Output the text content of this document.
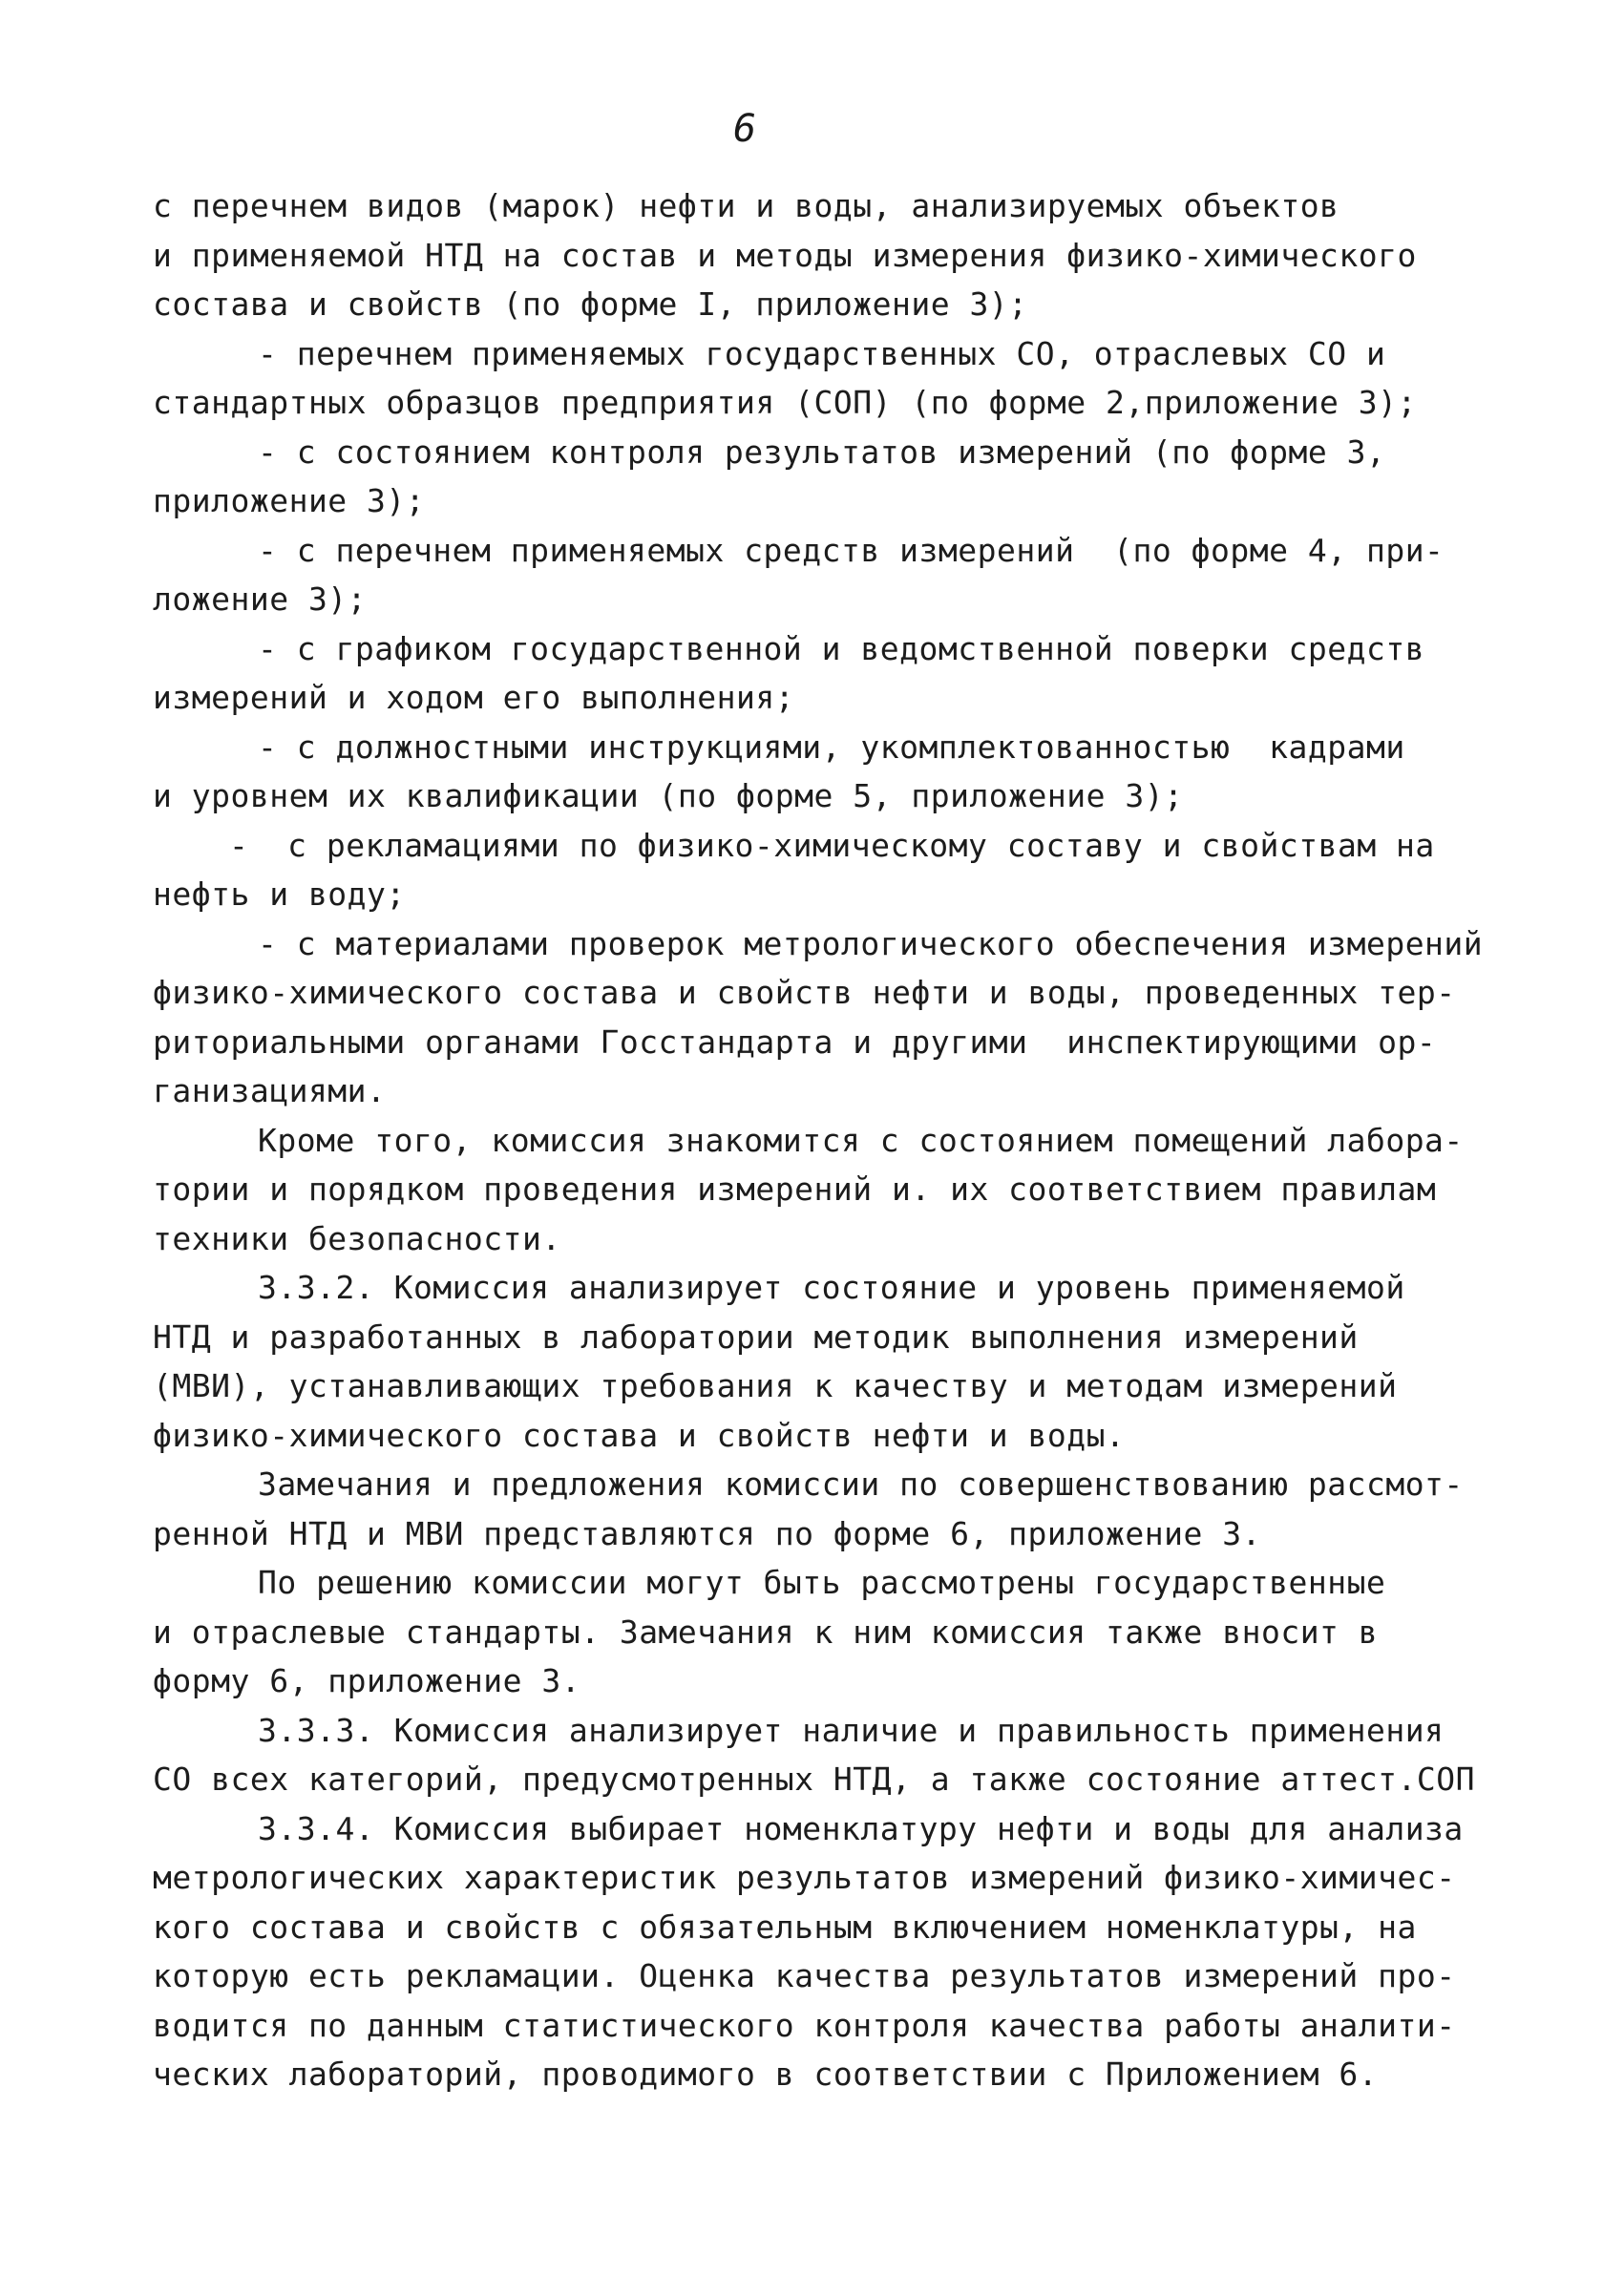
6
с перечнем видов (марок) нефти и воды, анализируемых объектов
и применяемой НТД на состав и методы измерения физико-химического
состава и свойств (по форме I, приложение 3);
- перечнем применяемых государственных СО, отраслевых СО и
стандартных образцов предприятия (СОП) (по форме 2,приложение 3);
- с состоянием контроля результатов измерений (по форме 3,
приложение 3);
- с перечнем применяемых средств измерений  (по форме 4, при-
ложение 3);
- с графиком государственной и ведомственной поверки средств
измерений и ходом его выполнения;
- с должностными инструкциями, укомплектованностью  кадрами
и уровнем их квалификации (по форме 5, приложение 3);
-  с рекламациями по физико-химическому составу и свойствам на
нефть и воду;
- с материалами проверок метрологического обеспечения измерений
физико-химического состава и свойств нефти и воды, проведенных тер-
риториальными органами Госстандарта и другими  инспектирующими ор-
ганизациями.
Кроме того, комиссия знакомится с состоянием помещений лабора-
тории и порядком проведения измерений и. их соответствием правилам
техники безопасности.
3.3.2. Комиссия анализирует состояние и уровень применяемой
НТД и разработанных в лаборатории методик выполнения измерений
(МВИ), устанавливающих требования к качеству и методам измерений
физико-химического состава и свойств нефти и воды.
Замечания и предложения комиссии по совершенствованию рассмот-
ренной НТД и МВИ представляются по форме 6, приложение 3.
По решению комиссии могут быть рассмотрены государственные
и отраслевые стандарты. Замечания к ним комиссия также вносит в
форму 6, приложение 3.
3.3.3. Комиссия анализирует наличие и правильность применения
СО всех категорий, предусмотренных НТД, а также состояние аттест.СОП
3.3.4. Комиссия выбирает номенклатуру нефти и воды для анализа
метрологических характеристик результатов измерений физико-химичес-
кого состава и свойств с обязательным включением номенклатуры, на
которую есть рекламации. Оценка качества результатов измерений про-
водится по данным статистического контроля качества работы аналити-
ческих лабораторий, проводимого в соответствии с Приложением 6.
